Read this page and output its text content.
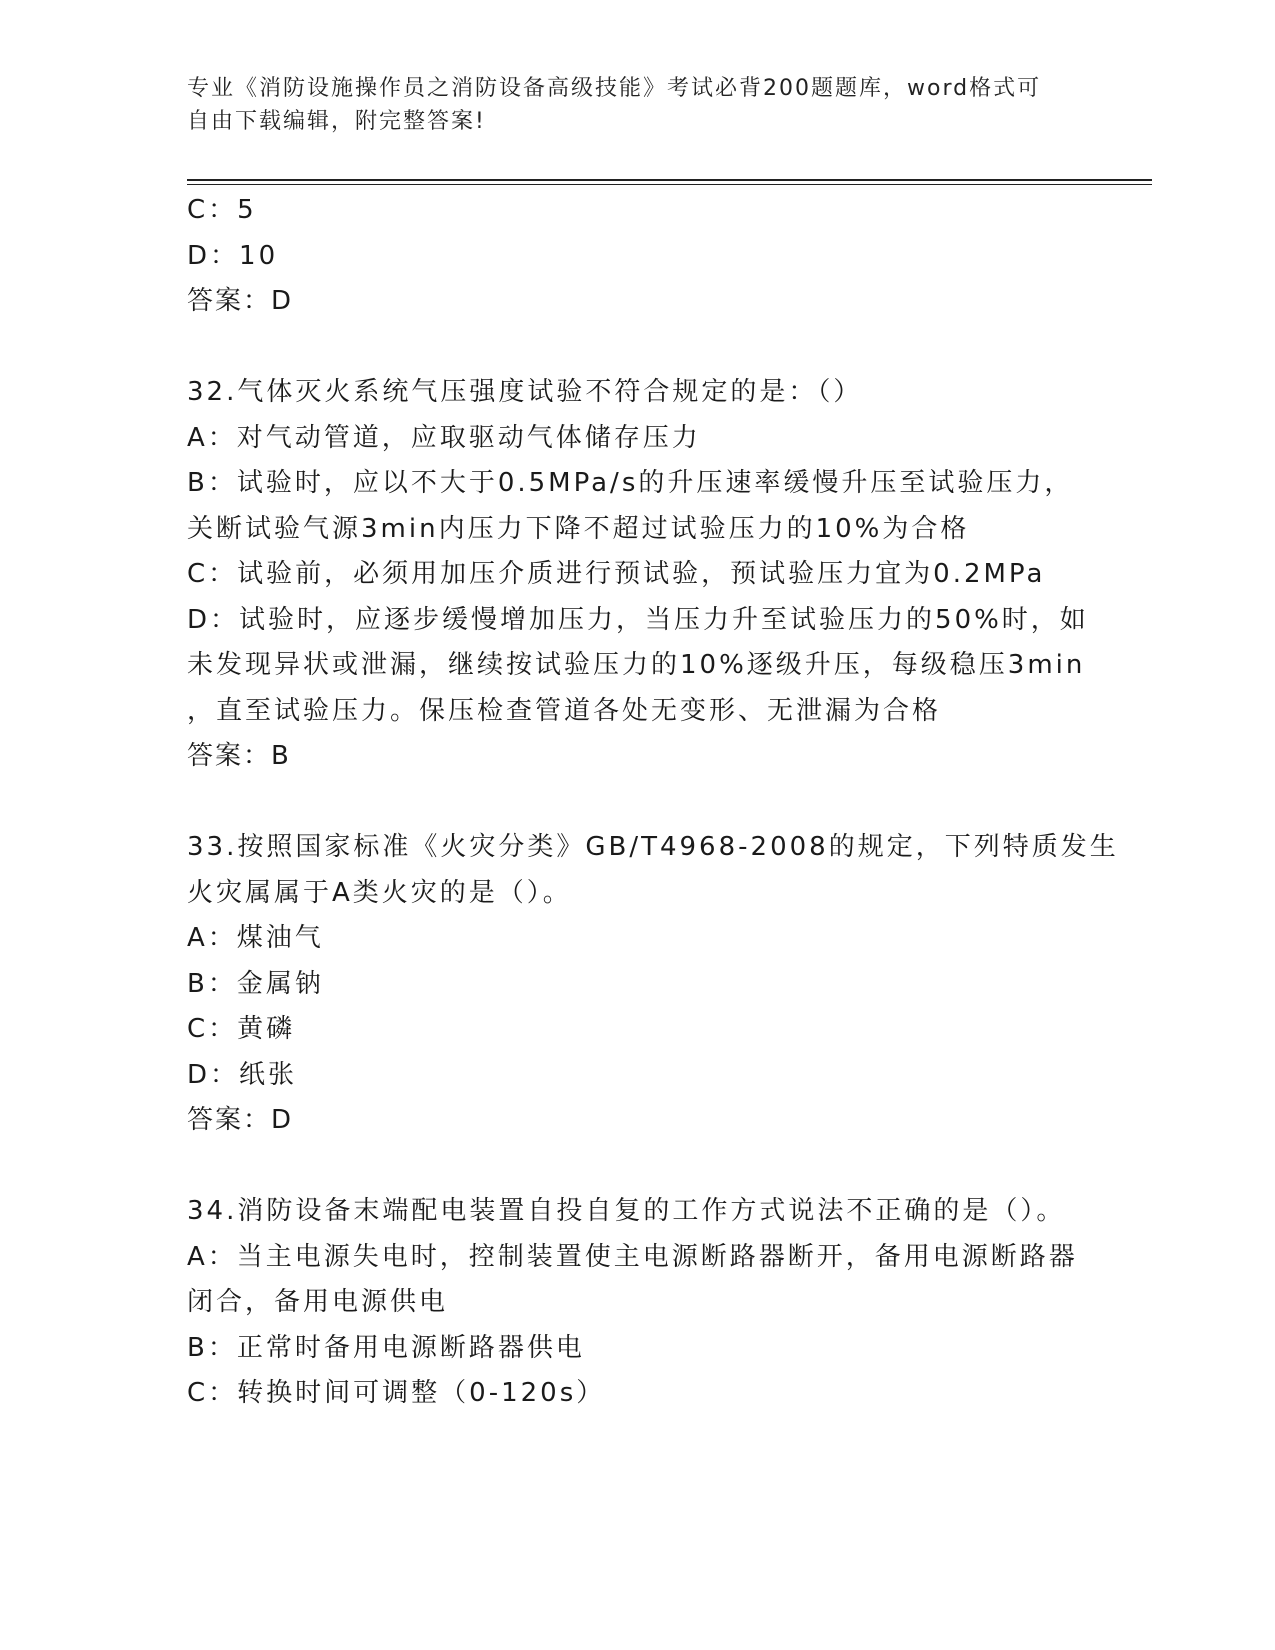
专业《消防设施操作员之消防设备高级技能》考试必背200题题库，word格式可
自由下载编辑，附完整答案!
C：5
D：10
答案：D
32.气体灭火系统气压强度试验不符合规定的是：（）
A：对气动管道，应取驱动气体储存压力
B：试验时，应以不大于0.5MPa/s的升压速率缓慢升压至试验压力，
关断试验气源3min内压力下降不超过试验压力的10%为合格
C：试验前，必须用加压介质进行预试验，预试验压力宜为0.2MPa
D：试验时，应逐步缓慢增加压力，当压力升至试验压力的50%时，如
未发现异状或泄漏，继续按试验压力的10%逐级升压，每级稳压3min
，直至试验压力。保压检查管道各处无变形、无泄漏为合格
答案：B
33.按照国家标准《火灾分类》GB/T4968-2008的规定，下列特质发生
火灾属属于A类火灾的是（）。
A：煤油气
B：金属钠
C：黄磷
D：纸张
答案：D
34.消防设备末端配电装置自投自复的工作方式说法不正确的是（）。
A：当主电源失电时，控制装置使主电源断路器断开，备用电源断路器
闭合，备用电源供电
B：正常时备用电源断路器供电
C：转换时间可调整（0-120s）
